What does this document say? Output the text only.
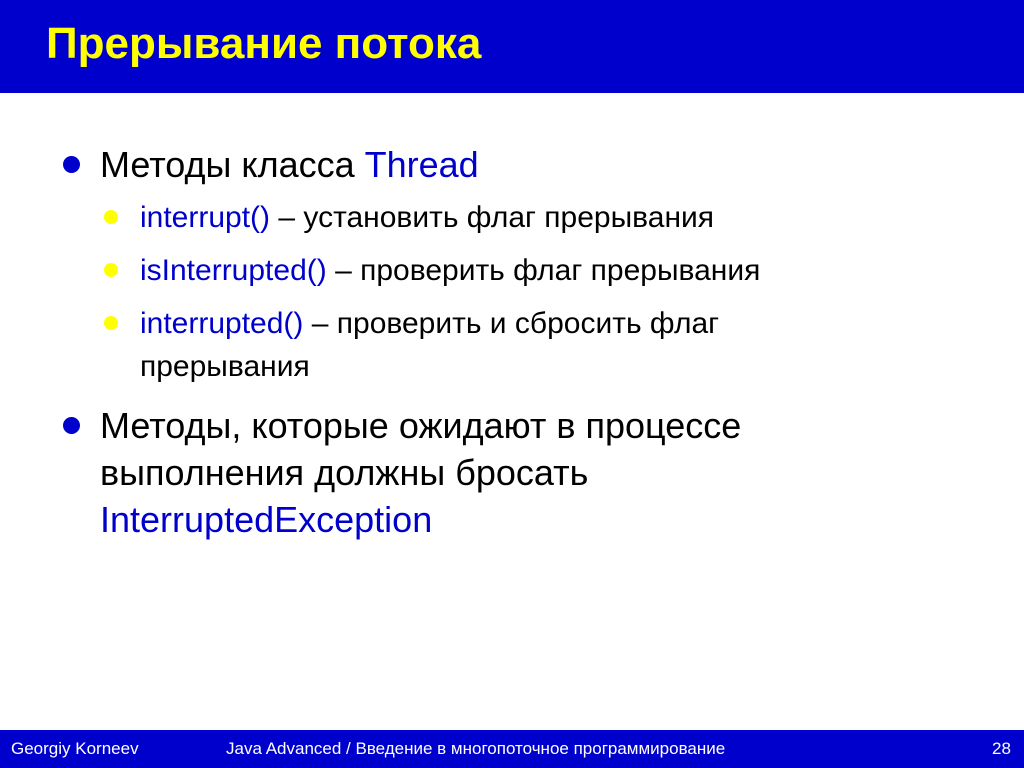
Прерывание потока
Методы класса Thread
interrupt() – установить флаг прерывания
isInterrupted() – проверить флаг прерывания
interrupted() – проверить и сбросить флаг
прерывания
Методы, которые ожидают в процессе
выполнения должны бросать
InterruptedException
Georgiy Korneev	Java Advanced / Введение в многопоточное программирование	28
